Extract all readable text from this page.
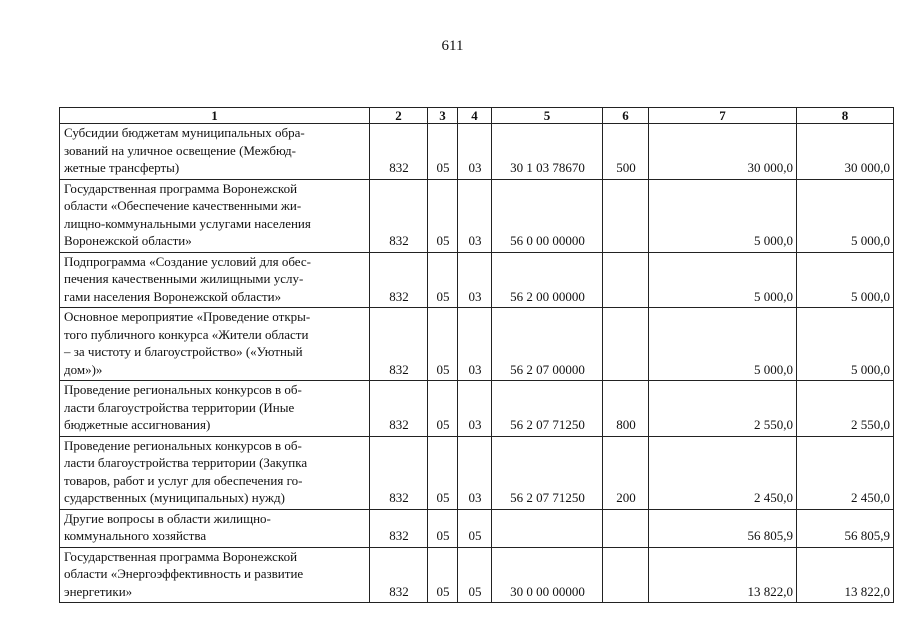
611
1	2	3	4	5	6	7	8
Субсидии бюджетам муниципальных обра-
зований на уличное освещение (Межбюд-
жетные трансферты)	832	05	03	30 1 03 78670	500	30 000,0	30 000,0
Государственная программа Воронежской
области «Обеспечение качественными жи-
лищно-коммунальными услугами населения
Воронежской области»	832	05	03	56 0 00 00000		5 000,0	5 000,0
Подпрограмма «Создание условий для обес-
печения качественными жилищными услу-
гами населения Воронежской области»	832	05	03	56 2 00 00000		5 000,0	5 000,0
Основное мероприятие «Проведение откры-
того публичного конкурса «Жители области
– за чистоту и благоустройство» («Уютный
дом»)»	832	05	03	56 2 07 00000		5 000,0	5 000,0
Проведение региональных конкурсов в об-
ласти благоустройства территории (Иные
бюджетные ассигнования)	832	05	03	56 2 07 71250	800	2 550,0	2 550,0
Проведение региональных конкурсов в об-
ласти благоустройства территории (Закупка
товаров, работ и услуг для обеспечения го-
сударственных (муниципальных) нужд)	832	05	03	56 2 07 71250	200	2 450,0	2 450,0
Другие вопросы в области жилищно-
коммунального хозяйства	832	05	05			56 805,9	56 805,9
Государственная программа Воронежской
области «Энергоэффективность и развитие
энергетики»	832	05	05	30 0 00 00000		13 822,0	13 822,0
